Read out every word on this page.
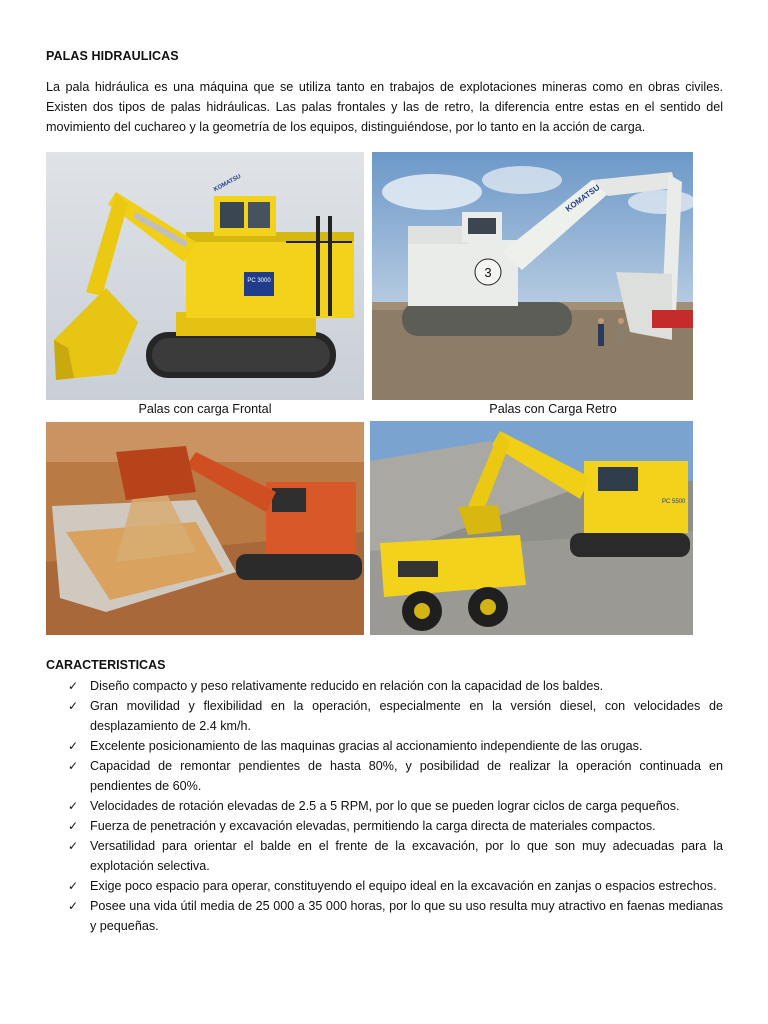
PALAS HIDRAULICAS
La pala hidráulica es una máquina que se utiliza tanto en trabajos de explotaciones mineras como en obras civiles. Existen dos tipos de palas hidráulicas. Las palas frontales y las de retro, la diferencia entre estas en el sentido del movimiento del cuchareo y la geometría de los equipos, distinguiéndose, por lo tanto en la acción de carga.
PC 3000
KOMATSU
3
KOMATSU
Palas con carga Frontal	Palas con Carga Retro
PC 5500
CARACTERISTICAS
✓ Diseño compacto y peso relativamente reducido en relación con la capacidad de los baldes.
✓ Gran movilidad y flexibilidad en la operación, especialmente en la versión diesel, con velocidades de desplazamiento de 2.4 km/h.
✓ Excelente posicionamiento de las maquinas gracias al accionamiento independiente de las orugas.
✓ Capacidad de remontar pendientes de hasta 80%, y posibilidad de realizar la operación continuada en pendientes de 60%.
✓ Velocidades de rotación elevadas de 2.5 a 5 RPM, por lo que se pueden lograr ciclos de carga pequeños.
✓ Fuerza de penetración y excavación elevadas, permitiendo la carga directa de materiales compactos.
✓ Versatilidad para orientar el balde en el frente de la excavación, por lo que son muy adecuadas para la explotación selectiva.
✓ Exige poco espacio para operar, constituyendo el equipo ideal en la excavación en zanjas o espacios estrechos.
✓ Posee una vida útil media de 25 000 a 35 000 horas, por lo que su uso resulta muy atractivo en faenas medianas y pequeñas.
